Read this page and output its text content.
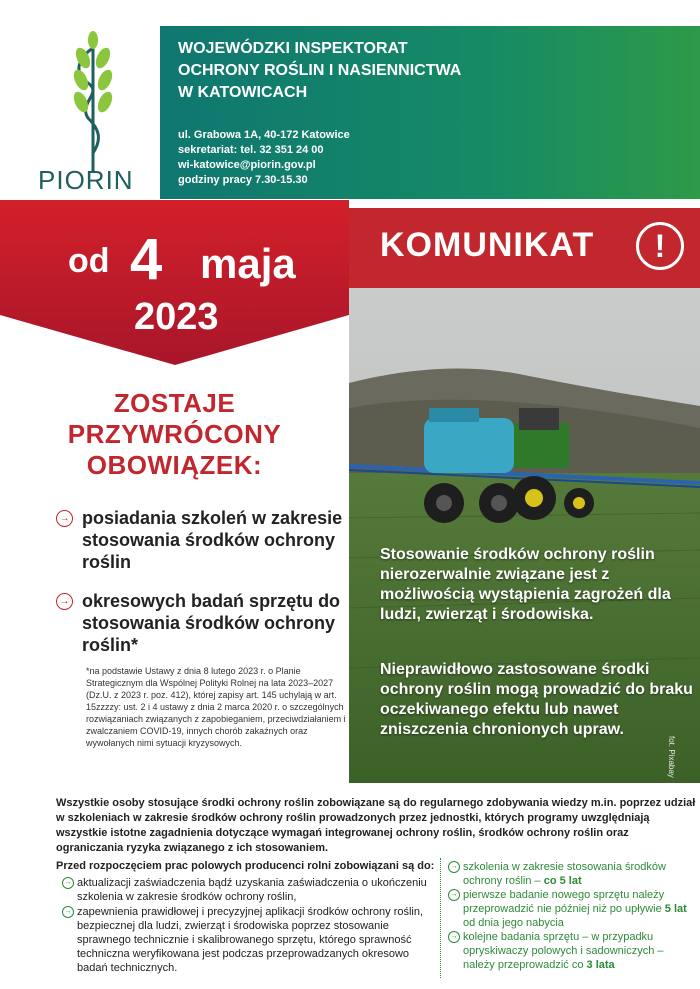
PIORIN
WOJEWÓDZKI INSPEKTORAT
OCHRONY ROŚLIN I NASIENNICTWA
W KATOWICACH
ul. Grabowa 1A, 40-172 Katowice
sekretariat: tel. 32 351 24 00
wi-katowice@piorin.gov.pl
godziny pracy 7.30-15.30
od 4 maja
2023
KOMUNIKAT	!
Stosowanie środków ochrony roślin nierozerwalnie związane jest z możliwością wystąpienia zagrożeń dla ludzi, zwierząt i środowiska.
Nieprawidłowo zastosowane środki ochrony roślin mogą prowadzić do braku oczekiwanego efektu lub nawet zniszczenia chronionych upraw.
fot. Pixabay
ZOSTAJE
PRZYWRÓCONY
OBOWIĄZEK:
→ posiadania szkoleń w zakresie stosowania środków ochrony roślin
→ okresowych badań sprzętu do stosowania środków ochrony roślin*
*na podstawie Ustawy z dnia 8 lutego 2023 r. o Planie Strategicznym dla Wspólnej Polityki Rolnej na lata 2023–2027 (Dz.U. z 2023 r. poz. 412), której zapisy art. 145 uchylają w art. 15zzzzy: ust. 2 i 4 ustawy z dnia 2 marca 2020 r. o szczególnych rozwiązaniach związanych z zapobieganiem, przeciwdziałaniem i zwalczaniem COVID-19, innych chorób zakaźnych oraz wywołanych nimi sytuacji kryzysowych.
Wszystkie osoby stosujące środki ochrony roślin zobowiązane są do regularnego zdobywania wiedzy m.in. poprzez udział w szkoleniach w zakresie środków ochrony roślin prowadzonych przez jednostki, których programy uwzględniają wszystkie istotne zagadnienia dotyczące wymagań integrowanej ochrony roślin, środków ochrony roślin oraz ograniczania ryzyka związanego z ich stosowaniem.
Przed rozpoczęciem prac polowych producenci rolni zobowiązani są do:
→ aktualizacji zaświadczenia bądź uzyskania zaświadczenia o ukończeniu szkolenia w zakresie środków ochrony roślin,
→ zapewnienia prawidłowej i precyzyjnej aplikacji środków ochrony roślin, bezpiecznej dla ludzi, zwierząt i środowiska poprzez stosowanie sprawnego technicznie i skalibrowanego sprzętu, którego sprawność techniczna weryfikowana jest podczas przeprowadzanych okresowo badań technicznych.
→ szkolenia w zakresie stosowania środków ochrony roślin – co 5 lat
→ pierwsze badanie nowego sprzętu należy przeprowadzić nie później niż po upływie 5 lat od dnia jego nabycia
→ kolejne badania sprzętu – w przypadku opryskiwaczy polowych i sadowniczych – należy przeprowadzić co 3 lata
